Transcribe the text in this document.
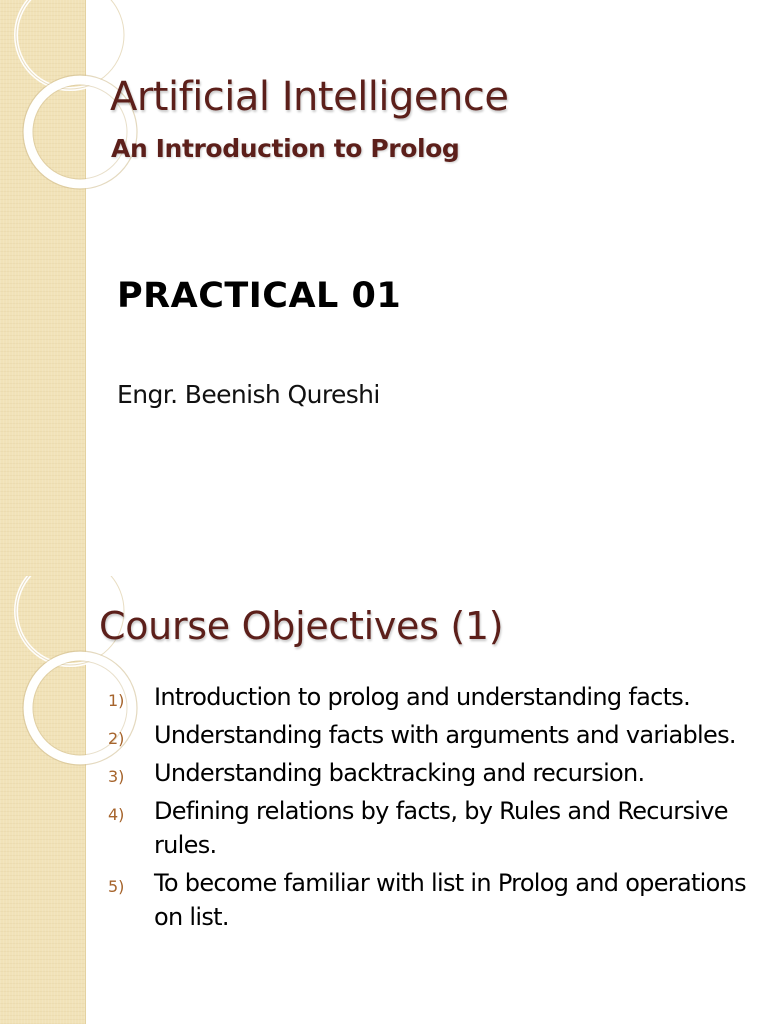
Artificial Intelligence
An Introduction to Prolog
PRACTICAL 01
Engr. Beenish Qureshi
Course Objectives (1)
1) Introduction to prolog and understanding facts.
2) Understanding facts with arguments and variables.
3) Understanding backtracking and recursion.
4) Defining relations by facts, by Rules and Recursive rules.
5) To become familiar with list in Prolog and operations on list.
